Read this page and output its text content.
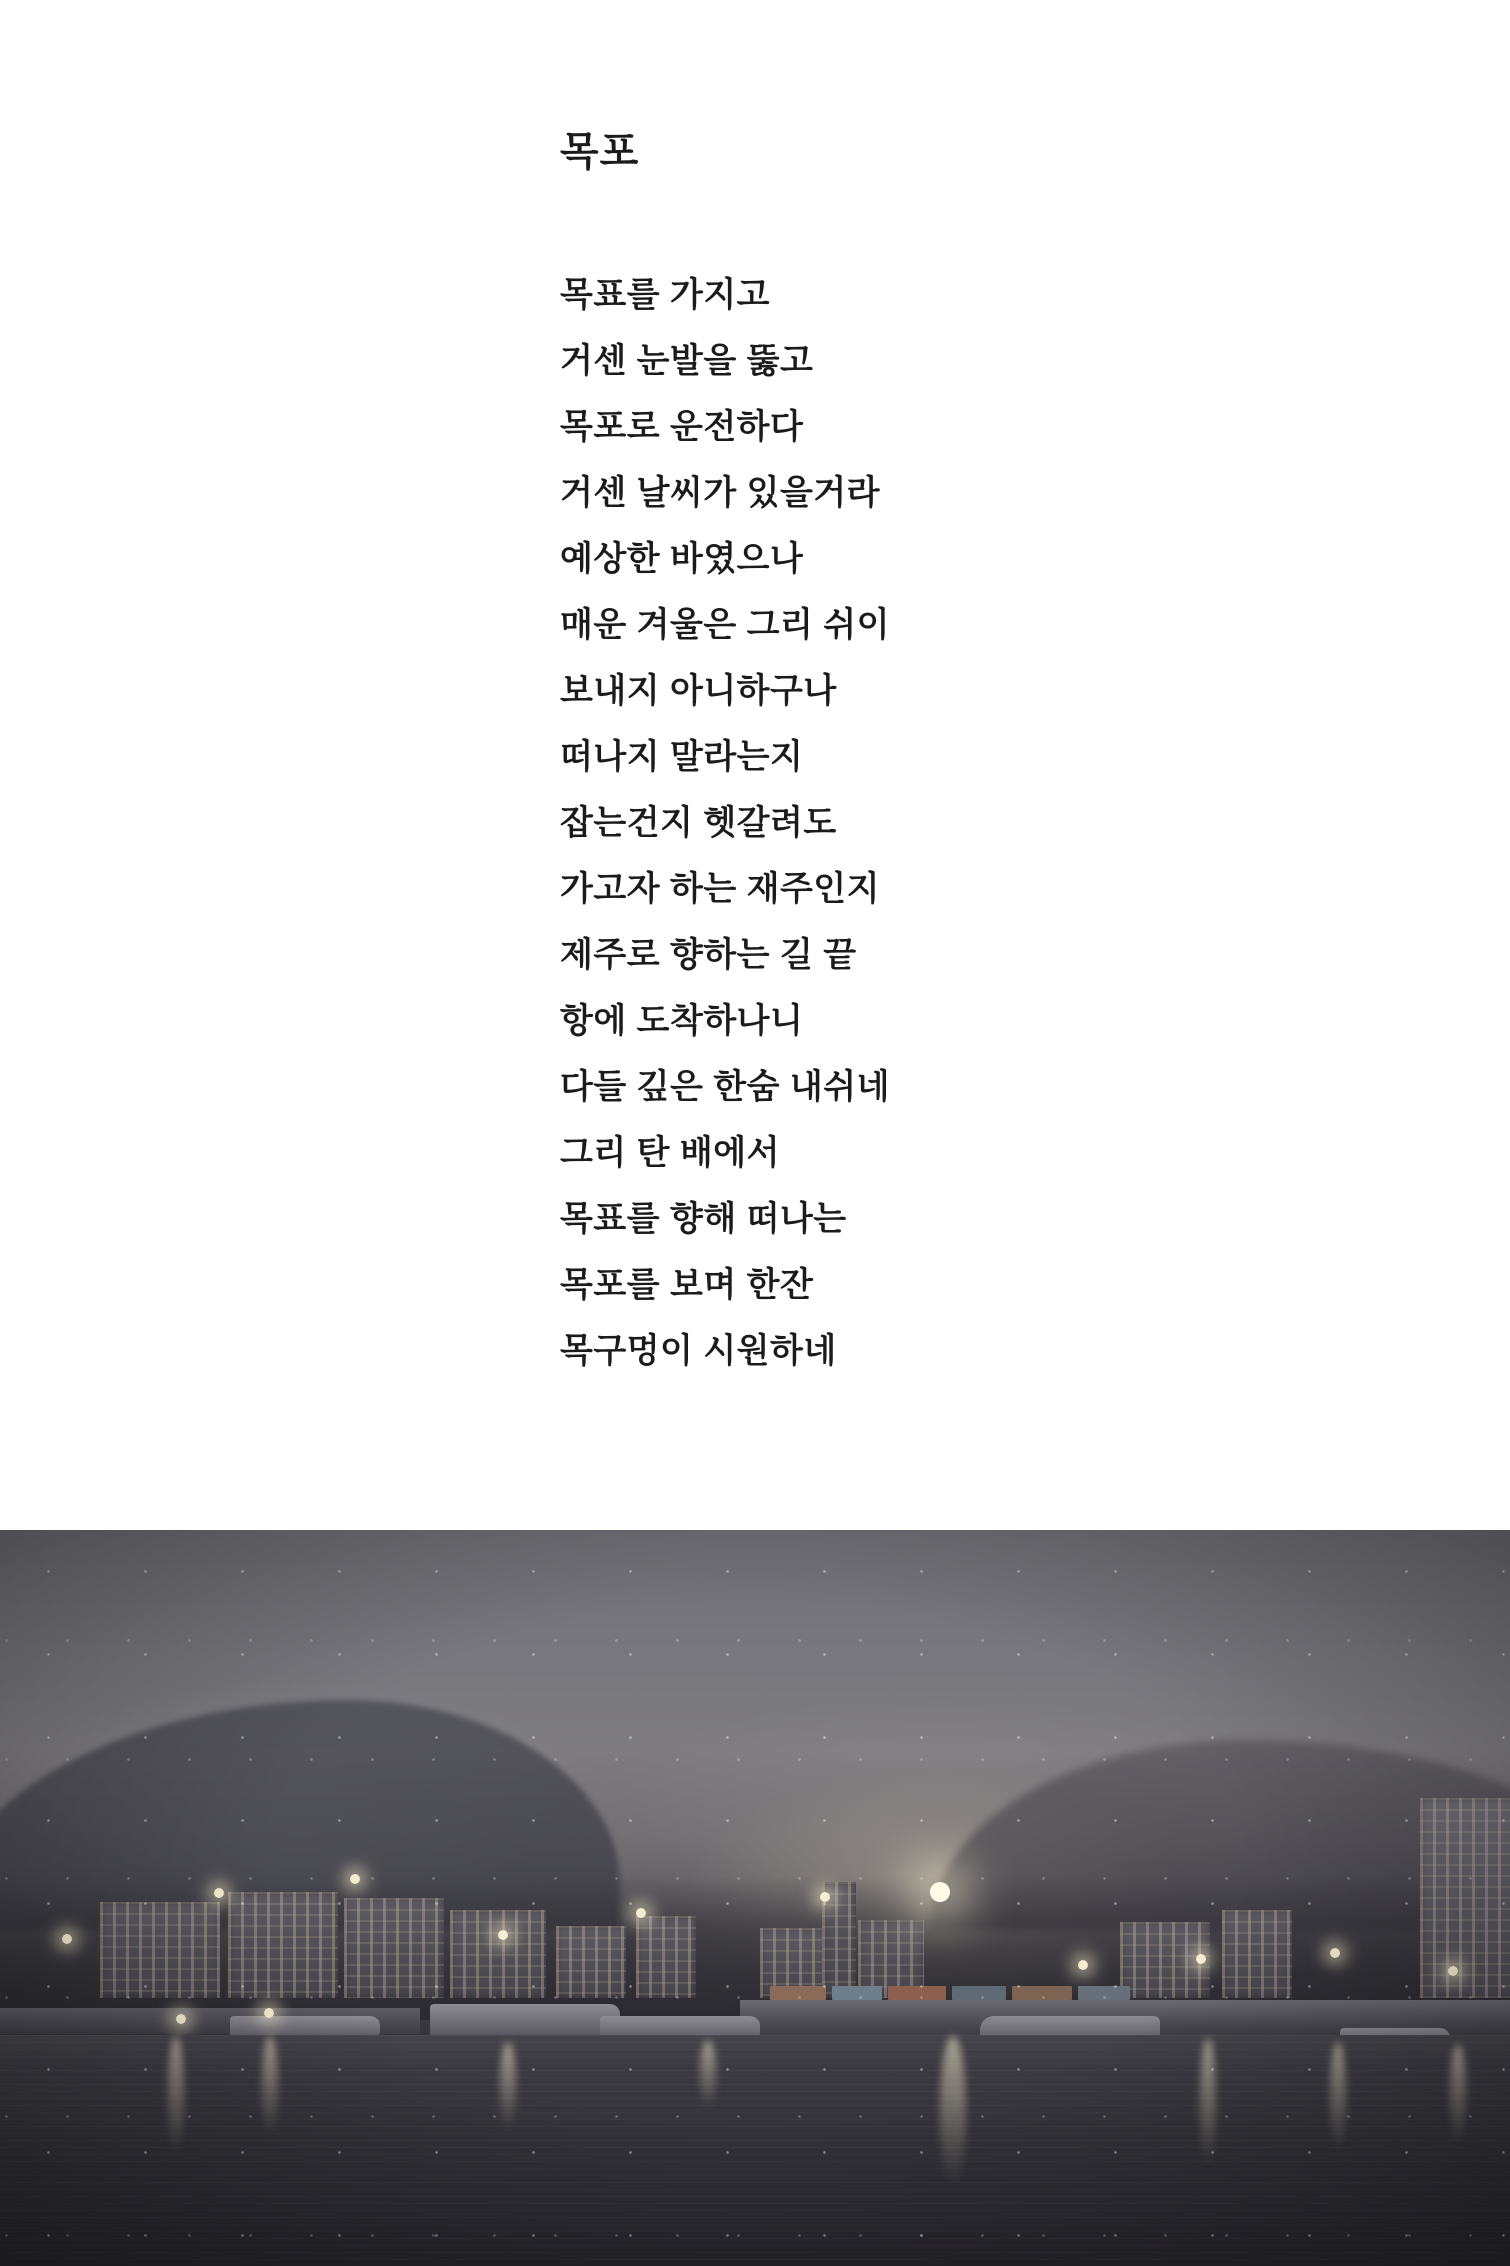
목포
목표를 가지고
거센 눈발을 뚫고
목포로 운전하다
거센 날씨가 있을거라
예상한 바였으나
매운 겨울은 그리 쉬이
보내지 아니하구나
떠나지 말라는지
잡는건지 헷갈려도
가고자 하는 재주인지
제주로 향하는 길 끝
항에 도착하나니
다들 깊은 한숨 내쉬네
그리 탄 배에서
목표를 향해 떠나는
목포를 보며 한잔
목구멍이 시원하네
